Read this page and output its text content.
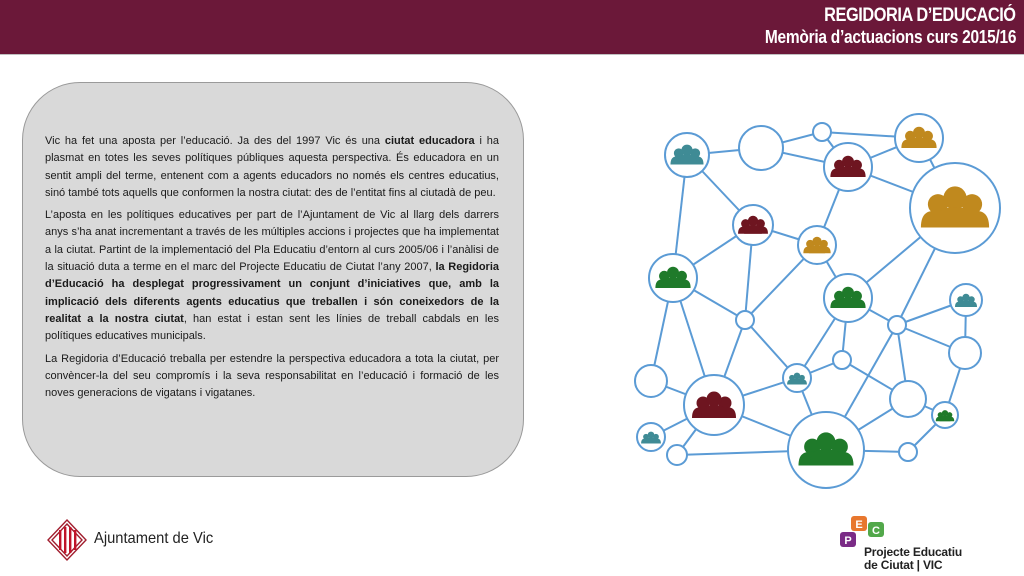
REGIDORIA D’EDUCACIÓ
Memòria d’actuacions curs 2015/16

Vic ha fet una aposta per l’educació. Ja des del 1997 Vic és una ciutat educadora i ha plasmat en totes les seves polítiques públiques aquesta perspectiva. És educadora en un sentit ampli del terme, entenent com a agents educadors no només els centres educatius, sinó també tots aquells que conformen la nostra ciutat: des de l’entitat fins al ciutadà de peu.

L’aposta en les polítiques educatives per part de l’Ajuntament de Vic al llarg dels darrers anys s’ha anat incrementant a través de les múltiples accions i projectes que ha implementat a la ciutat. Partint de la implementació del Pla Educatiu d’entorn al curs 2005/06 i l’anàlisi de la situació duta a terme en el marc del Projecte Educatiu de Ciutat l’any 2007, la Regidoria d’Educació ha desplegat progressivament un conjunt d’iniciatives que, amb la implicació dels diferents agents educatius que treballen i són coneixedors de la realitat a la nostra ciutat, han estat i estan sent les línies de treball cabdals en les polítiques educatives municipals.

La Regidoria d’Educació treballa per estendre la perspectiva educadora a tota la ciutat, per convèncer-la del seu compromís i la seva responsabilitat en l’educació i formació de les noves generacions de vigatans i vigatanes.

Ajuntament de Vic
E C
P
Projecte Educatiu
de Ciutat | VIC
